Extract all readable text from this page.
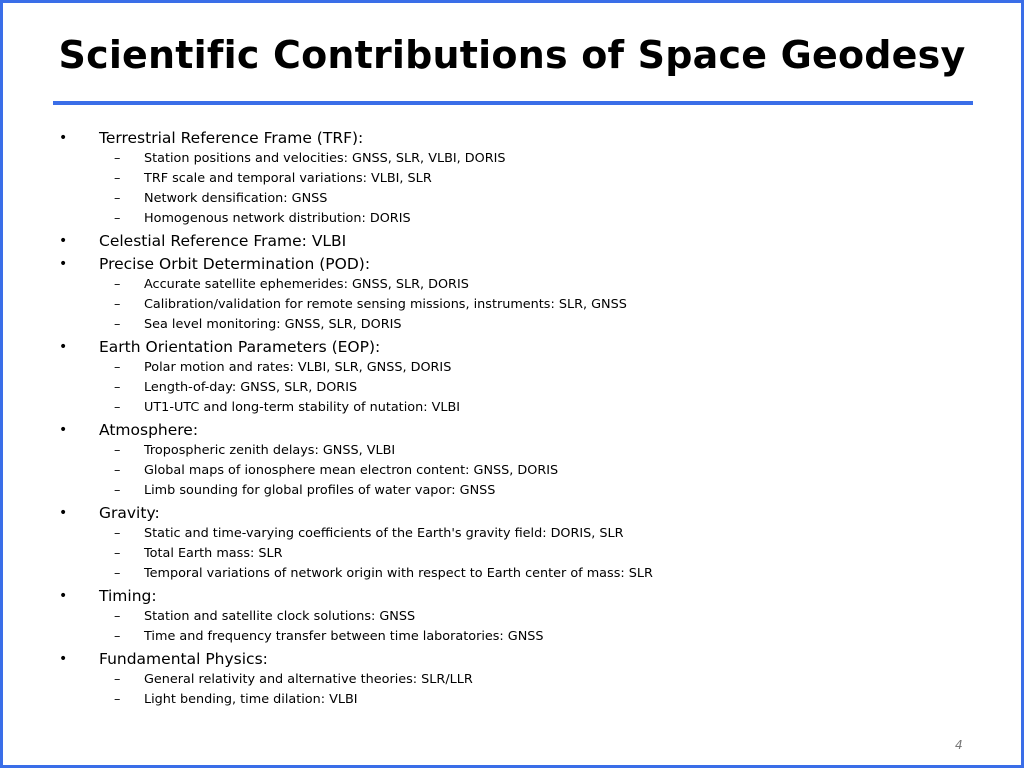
Scientific Contributions of Space Geodesy
• Terrestrial Reference Frame (TRF):
– Station positions and velocities: GNSS, SLR, VLBI, DORIS
– TRF scale and temporal variations: VLBI, SLR
– Network densification: GNSS
– Homogenous network distribution: DORIS
• Celestial Reference Frame: VLBI
• Precise Orbit Determination (POD):
– Accurate satellite ephemerides: GNSS, SLR, DORIS
– Calibration/validation for remote sensing missions, instruments: SLR, GNSS
– Sea level monitoring: GNSS, SLR, DORIS
• Earth Orientation Parameters (EOP):
– Polar motion and rates: VLBI, SLR, GNSS, DORIS
– Length-of-day: GNSS, SLR, DORIS
– UT1-UTC and long-term stability of nutation: VLBI
• Atmosphere:
– Tropospheric zenith delays: GNSS, VLBI
– Global maps of ionosphere mean electron content: GNSS, DORIS
– Limb sounding for global profiles of water vapor: GNSS
• Gravity:
– Static and time-varying coefficients of the Earth's gravity field: DORIS, SLR
– Total Earth mass: SLR
– Temporal variations of network origin with respect to Earth center of mass: SLR
• Timing:
– Station and satellite clock solutions: GNSS
– Time and frequency transfer between time laboratories: GNSS
• Fundamental Physics:
– General relativity and alternative theories: SLR/LLR
– Light bending, time dilation: VLBI
4
